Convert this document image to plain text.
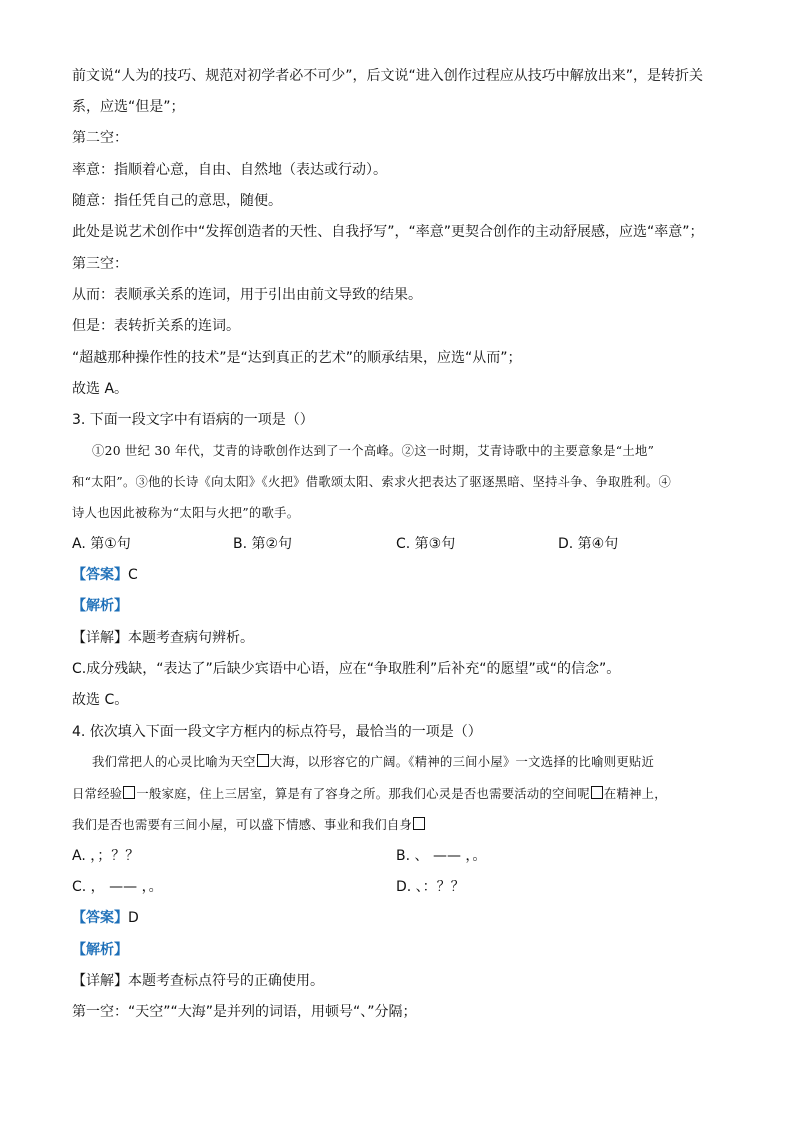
前文说“人为的技巧、规范对初学者必不可少”，后文说“进入创作过程应从技巧中解放出来”，是转折关
系，应选“但是”；
第二空：
率意：指顺着心意，自由、自然地（表达或行动）。
随意：指任凭自己的意思，随便。
此处是说艺术创作中“发挥创造者的天性、自我抒写”，“率意”更契合创作的主动舒展感，应选“率意”；
第三空：
从而：表顺承关系的连词，用于引出由前文导致的结果。
但是：表转折关系的连词。
“超越那种操作性的技术”是“达到真正的艺术”的顺承结果，应选“从而”；
故选 A。
3. 下面一段文字中有语病的一项是（）
①20 世纪 30 年代，艾青的诗歌创作达到了一个高峰。②这一时期，艾青诗歌中的主要意象是“土地”
和“太阳”。③他的长诗《向太阳》《火把》借歌颂太阳、索求火把表达了驱逐黑暗、坚持斗争、争取胜利。④
诗人也因此被称为“太阳与火把”的歌手。
A. 第①句	B. 第②句	C. 第③句	D. 第④句
【答案】C
【解析】
【详解】本题考查病句辨析。
C.成分残缺，“表达了”后缺少宾语中心语，应在“争取胜利”后补充“的愿望”或“的信念”。
故选 C。
4. 依次填入下面一段文字方框内的标点符号，最恰当的一项是（）
我们常把人的心灵比喻为天空 大海，以形容它的广阔。《精神的三间小屋》一文选择的比喻则更贴近
日常经验 一般家庭，住上三居室，算是有了容身之所。那我们心灵是否也需要活动的空间呢 在精神上，
我们是否也需要有三间小屋，可以盛下情感、事业和我们自身
A. ，；？？	B. 、 —— ，。
C. ， —— ，。	D. 、：？？
【答案】D
【解析】
【详解】本题考查标点符号的正确使用。
第一空：“天空”“大海”是并列的词语，用顿号“、”分隔；
